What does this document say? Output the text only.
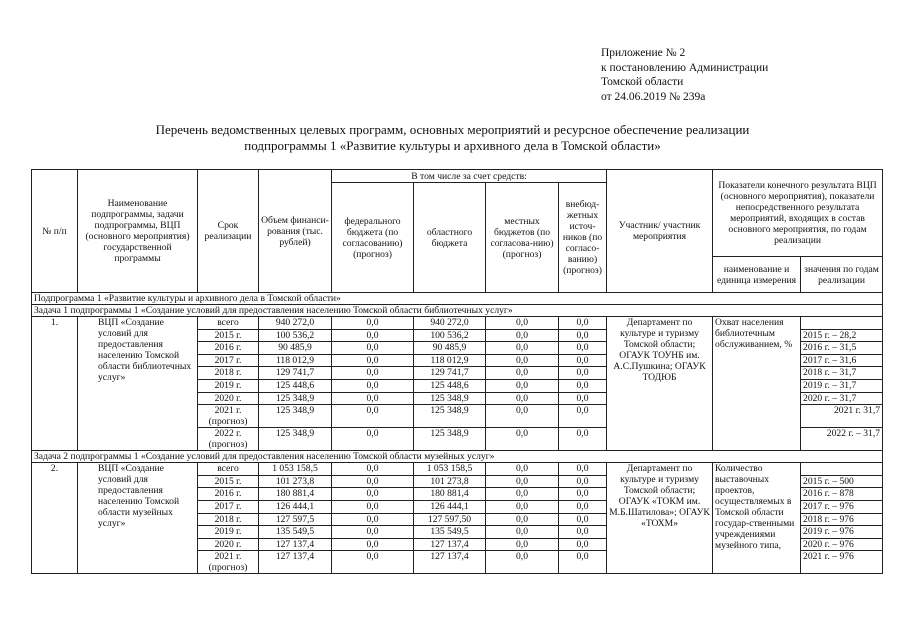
Приложение № 2
к постановлению Администрации
Томской области
от 24.06.2019 № 239а
Перечень ведомственных целевых программ, основных мероприятий и ресурсное обеспечение реализации
подпрограммы 1 «Развитие культуры и архивного дела в Томской области»
№ п/п	Наименование подпрограммы, задачи подпрограммы, ВЦП (основного мероприятия) государственной программы	Срок реализации	Объем финанси-рования (тыс. рублей)	В том числе за счет средств:				Участник/ участник мероприятия	Показатели конечного результата ВЦП (основного мероприятия), показатели непосредственного результата мероприятий, входящих в состав основного мероприятия, по годам реализации	
				федерального бюджета (по согласованию) (прогноз)	областного бюджета	местных бюджетов (по согласова-нию) (прогноз)	внебюд-жетных источ-ников (по согласо-ванию) (прогноз)			
									наименование и единица измерения	значения по годам реализации
Подпрограмма 1 «Развитие культуры и архивного дела в Томской области»										
Задача 1 подпрограммы 1 «Создание условий для предоставления населению Томской области библиотечных услуг»										
1.	ВЦП «Создание условий для предоставления населению Томской области библиотечных услуг»	всего	940 272,0	0,0	940 272,0	0,0	0,0	Департамент по культуре и туризму Томской области; ОГАУК ТОУНБ им. А.С.Пушкина; ОГАУК ТОДЮБ	Охват населения библиотечным обслуживанием, %	
		2015 г.	100 536,2	0,0	100 536,2	0,0	0,0			2015 г. – 28,2
		2016 г.	90 485,9	0,0	90 485,9	0,0	0,0			2016 г. – 31,5
		2017 г.	118 012,9	0,0	118 012,9	0,0	0,0			2017 г. – 31,6
		2018 г.	129 741,7	0,0	129 741,7	0,0	0,0			2018 г. – 31,7
		2019 г.	125 448,6	0,0	125 448,6	0,0	0,0			2019 г. – 31,7
		2020 г.	125 348,9	0,0	125 348,9	0,0	0,0			2020 г. – 31,7
		2021 г. (прогноз)	125 348,9	0,0	125 348,9	0,0	0,0			2021 г. 31,7
		2022 г. (прогноз)	125 348,9	0,0	125 348,9	0,0	0,0			2022 г. – 31,7
Задача 2 подпрограммы 1 «Создание условий для предоставления населению Томской области музейных услуг»										
2.	ВЦП «Создание условий для предоставления населению Томской области музейных услуг»	всего	1 053 158,5	0,0	1 053 158,5	0,0	0,0	Департамент по культуре и туризму Томской области; ОГАУК «ТОКМ им. М.Б.Шатилова»; ОГАУК «ТОХМ»	Количество выставочных проектов, осуществляемых в Томской области государ-ственными учреждениями музейного типа,	
		2015 г.	101 273,8	0,0	101 273,8	0,0	0,0			2015 г. – 500
		2016 г.	180 881,4	0,0	180 881,4	0,0	0,0			2016 г. – 878
		2017 г.	126 444,1	0,0	126 444,1	0,0	0,0			2017 г. – 976
		2018 г.	127 597,5	0,0	127 597,50	0,0	0,0			2018 г. – 976
		2019 г.	135 549,5	0,0	135 549,5	0,0	0,0			2019 г. – 976
		2020 г.	127 137,4	0,0	127 137,4	0,0	0,0			2020 г. – 976
		2021 г. (прогноз)	127 137,4	0,0	127 137,4	0,0	0,0			2021 г. – 976
